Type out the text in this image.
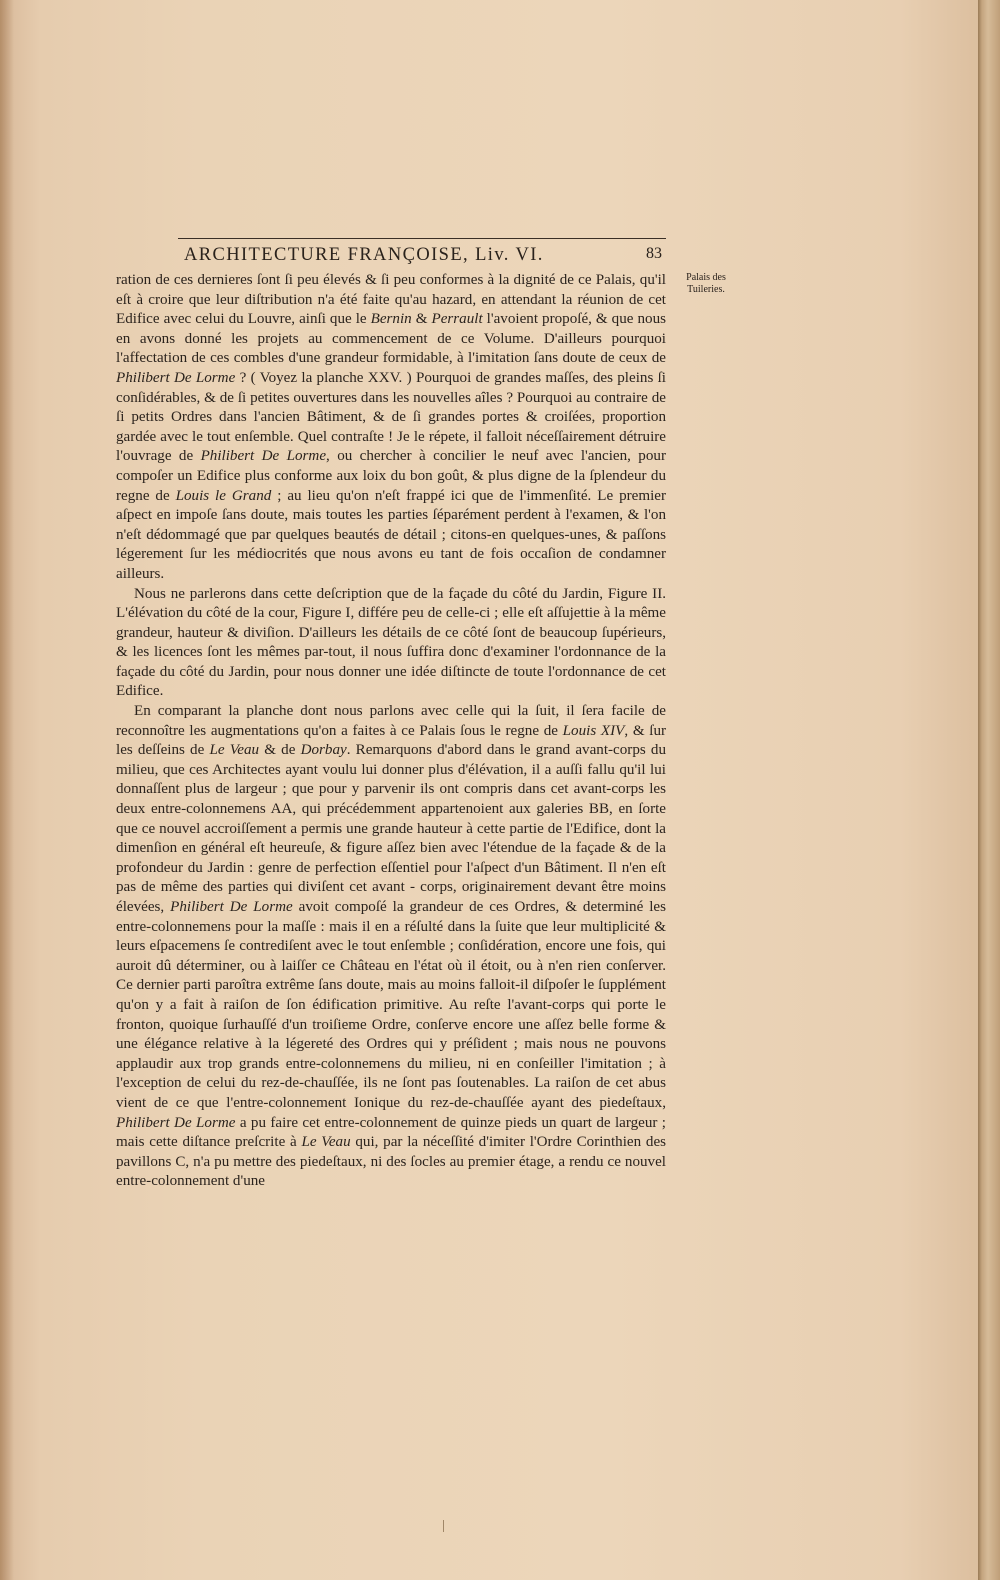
ARCHITECTURE FRANÇOISE, Liv. VI.	83
Palais des Tuileries.

ration de ces dernieres ſont ſi peu élevés & ſi peu conformes à la dignité de ce Palais, qu'il eſt à croire que leur diſtribution n'a été faite qu'au hazard, en attendant la réunion de cet Edifice avec celui du Louvre, ainſi que le Bernin & Perrault l'avoient propoſé, & que nous en avons donné les projets au commencement de ce Volume. D'ailleurs pourquoi l'affectation de ces combles d'une grandeur formidable, à l'imitation ſans doute de ceux de Philibert De Lorme ? ( Voyez la planche XXV. ) Pourquoi de grandes maſſes, des pleins ſi conſidérables, & de ſi petites ouvertures dans les nouvelles aîles ? Pourquoi au contraire de ſi petits Ordres dans l'ancien Bâtiment, & de ſi grandes portes & croiſées, proportion gardée avec le tout enſemble. Quel contraſte ! Je le répete, il falloit néceſſairement détruire l'ouvrage de Philibert De Lorme, ou chercher à concilier le neuf avec l'ancien, pour compoſer un Edifice plus conforme aux loix du bon goût, & plus digne de la ſplendeur du regne de Louis le Grand ; au lieu qu'on n'eſt frappé ici que de l'immenſité. Le premier aſpect en impoſe ſans doute, mais toutes les parties ſéparément perdent à l'examen, & l'on n'eſt dédommagé que par quelques beautés de détail ; citons-en quelques-unes, & paſſons légerement ſur les médiocrités que nous avons eu tant de fois occaſion de condamner ailleurs.

Nous ne parlerons dans cette deſcription que de la façade du côté du Jardin, Figure II. L'élévation du côté de la cour, Figure I, différe peu de celle-ci ; elle eſt aſſujettie à la même grandeur, hauteur & diviſion. D'ailleurs les détails de ce côté ſont de beaucoup ſupérieurs, & les licences ſont les mêmes par-tout, il nous ſuffira donc d'examiner l'ordonnance de la façade du côté du Jardin, pour nous donner une idée diſtincte de toute l'ordonnance de cet Edifice.

En comparant la planche dont nous parlons avec celle qui la ſuit, il ſera facile de reconnoître les augmentations qu'on a faites à ce Palais ſous le regne de Louis XIV, & ſur les deſſeins de Le Veau & de Dorbay. Remarquons d'abord dans le grand avant-corps du milieu, que ces Architectes ayant voulu lui donner plus d'élévation, il a auſſi fallu qu'il lui donnaſſent plus de largeur ; que pour y parvenir ils ont compris dans cet avant-corps les deux entre-colonnemens AA, qui précédemment appartenoient aux galeries BB, en ſorte que ce nouvel accroiſſement a permis une grande hauteur à cette partie de l'Edifice, dont la dimenſion en général eſt heureuſe, & figure aſſez bien avec l'étendue de la façade & de la profondeur du Jardin : genre de perfection eſſentiel pour l'aſpect d'un Bâtiment. Il n'en eſt pas de même des parties qui diviſent cet avant - corps, originairement devant être moins élevées, Philibert De Lorme avoit compoſé la grandeur de ces Ordres, & determiné les entre-colonnemens pour la maſſe : mais il en a réſulté dans la ſuite que leur multiplicité & leurs eſpacemens ſe contrediſent avec le tout enſemble ; conſidération, encore une fois, qui auroit dû déterminer, ou à laiſſer ce Château en l'état où il étoit, ou à n'en rien conſerver. Ce dernier parti paroîtra extrême ſans doute, mais au moins falloit-il diſpoſer le ſupplément qu'on y a fait à raiſon de ſon édification primitive. Au reſte l'avant-corps qui porte le fronton, quoique ſurhauſſé d'un troiſieme Ordre, conſerve encore une aſſez belle forme & une élégance relative à la légereté des Ordres qui y préſident ; mais nous ne pouvons applaudir aux trop grands entre-colonnemens du milieu, ni en conſeiller l'imitation ; à l'exception de celui du rez-de-chauſſée, ils ne ſont pas ſoutenables. La raiſon de cet abus vient de ce que l'entre-colonnement Ionique du rez-de-chauſſée ayant des piedeſtaux, Philibert De Lorme a pu faire cet entre-colonnement de quinze pieds un quart de largeur ; mais cette diſtance preſcrite à Le Veau qui, par la néceſſité d'imiter l'Ordre Corinthien des pavillons C, n'a pu mettre des piedeſtaux, ni des ſocles au premier étage, a rendu ce nouvel entre-colonnement d'une
